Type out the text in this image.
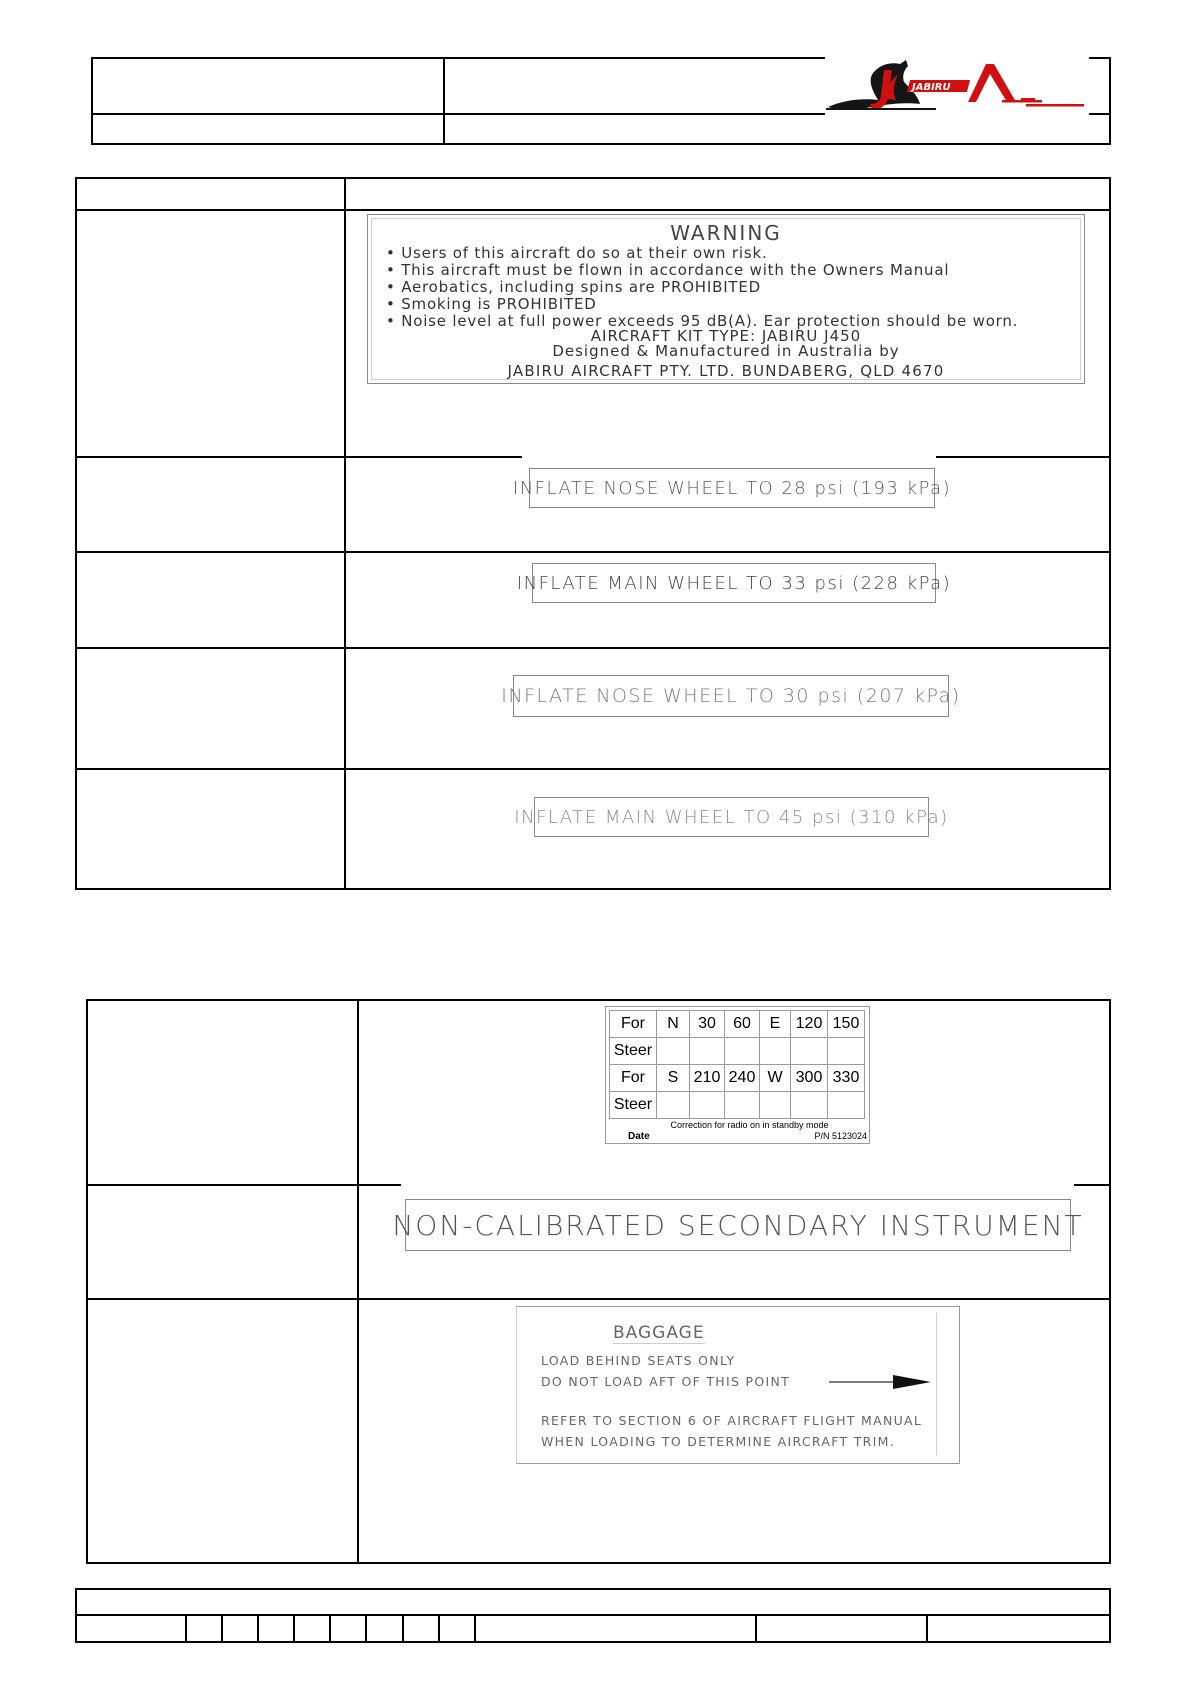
JABIRU
WARNING
• Users of this aircraft do so at their own risk.
• This aircraft must be flown in accordance with the Owners Manual
• Aerobatics, including spins are PROHIBITED
• Smoking is PROHIBITED
• Noise level at full power exceeds 95 dB(A). Ear protection should be worn.
AIRCRAFT KIT TYPE: JABIRU J450
Designed & Manufactured in Australia by
JABIRU AIRCRAFT PTY. LTD. BUNDABERG, QLD 4670
INFLATE NOSE WHEEL TO 28 psi (193 kPa)
INFLATE MAIN WHEEL TO 33 psi (228 kPa)
INFLATE NOSE WHEEL TO 30 psi (207 kPa)
INFLATE MAIN WHEEL TO 45 psi (310 kPa)
For	N	30	60	E	120	150
Steer						
For	S	210	240	W	300	330
Steer						
Correction for radio on in standby mode
Date	P/N 5123024
NON-CALIBRATED SECONDARY INSTRUMENT
BAGGAGE
LOAD BEHIND SEATS ONLY
DO NOT LOAD AFT OF THIS POINT
REFER TO SECTION 6 OF AIRCRAFT FLIGHT MANUAL
WHEN LOADING TO DETERMINE AIRCRAFT TRIM.
